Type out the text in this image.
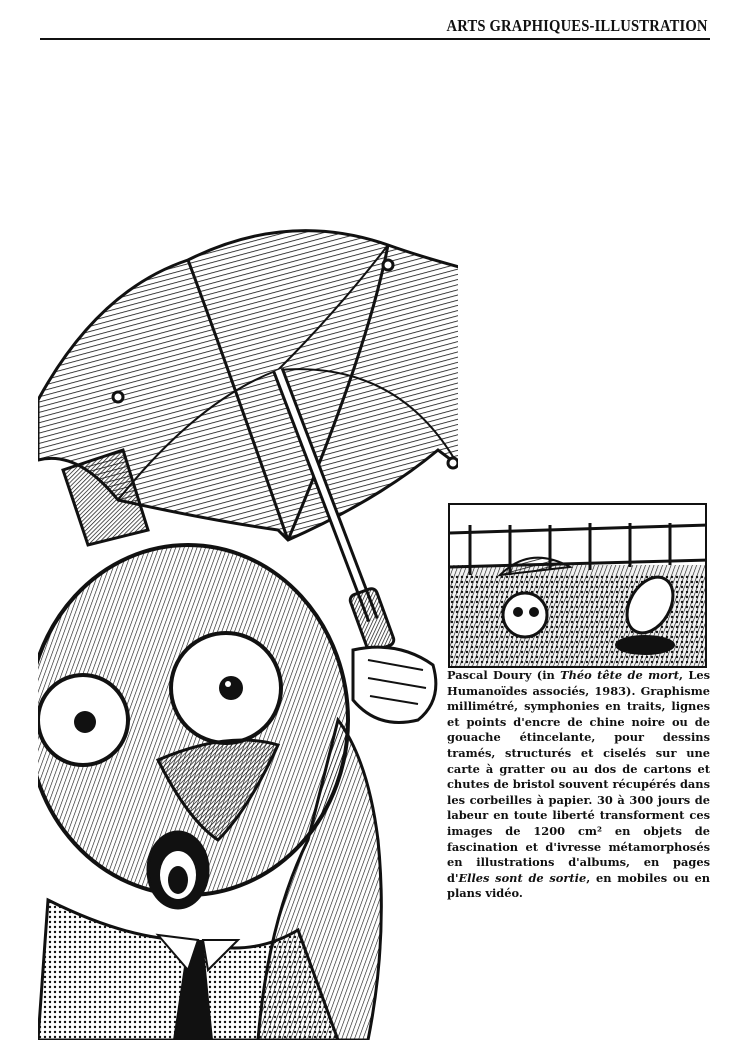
ARTS GRAPHIQUES-ILLUSTRATION
Pascal Doury (in Théo tête de mort, Les Humanoïdes associés, 1983). Graphisme millimétré, symphonies en traits, lignes et points d'encre de chine noire ou de gouache étincelante, pour dessins tramés, structurés et ciselés sur une carte à gratter ou au dos de cartons et chutes de bristol souvent récupérés dans les corbeilles à papier. 30 à 300 jours de labeur en toute liberté transforment ces images de 1200 cm² en objets de fascination et d'ivresse métamorphosés en illustrations d'albums, en pages d'Elles sont de sortie, en mobiles ou en plans vidéo.
